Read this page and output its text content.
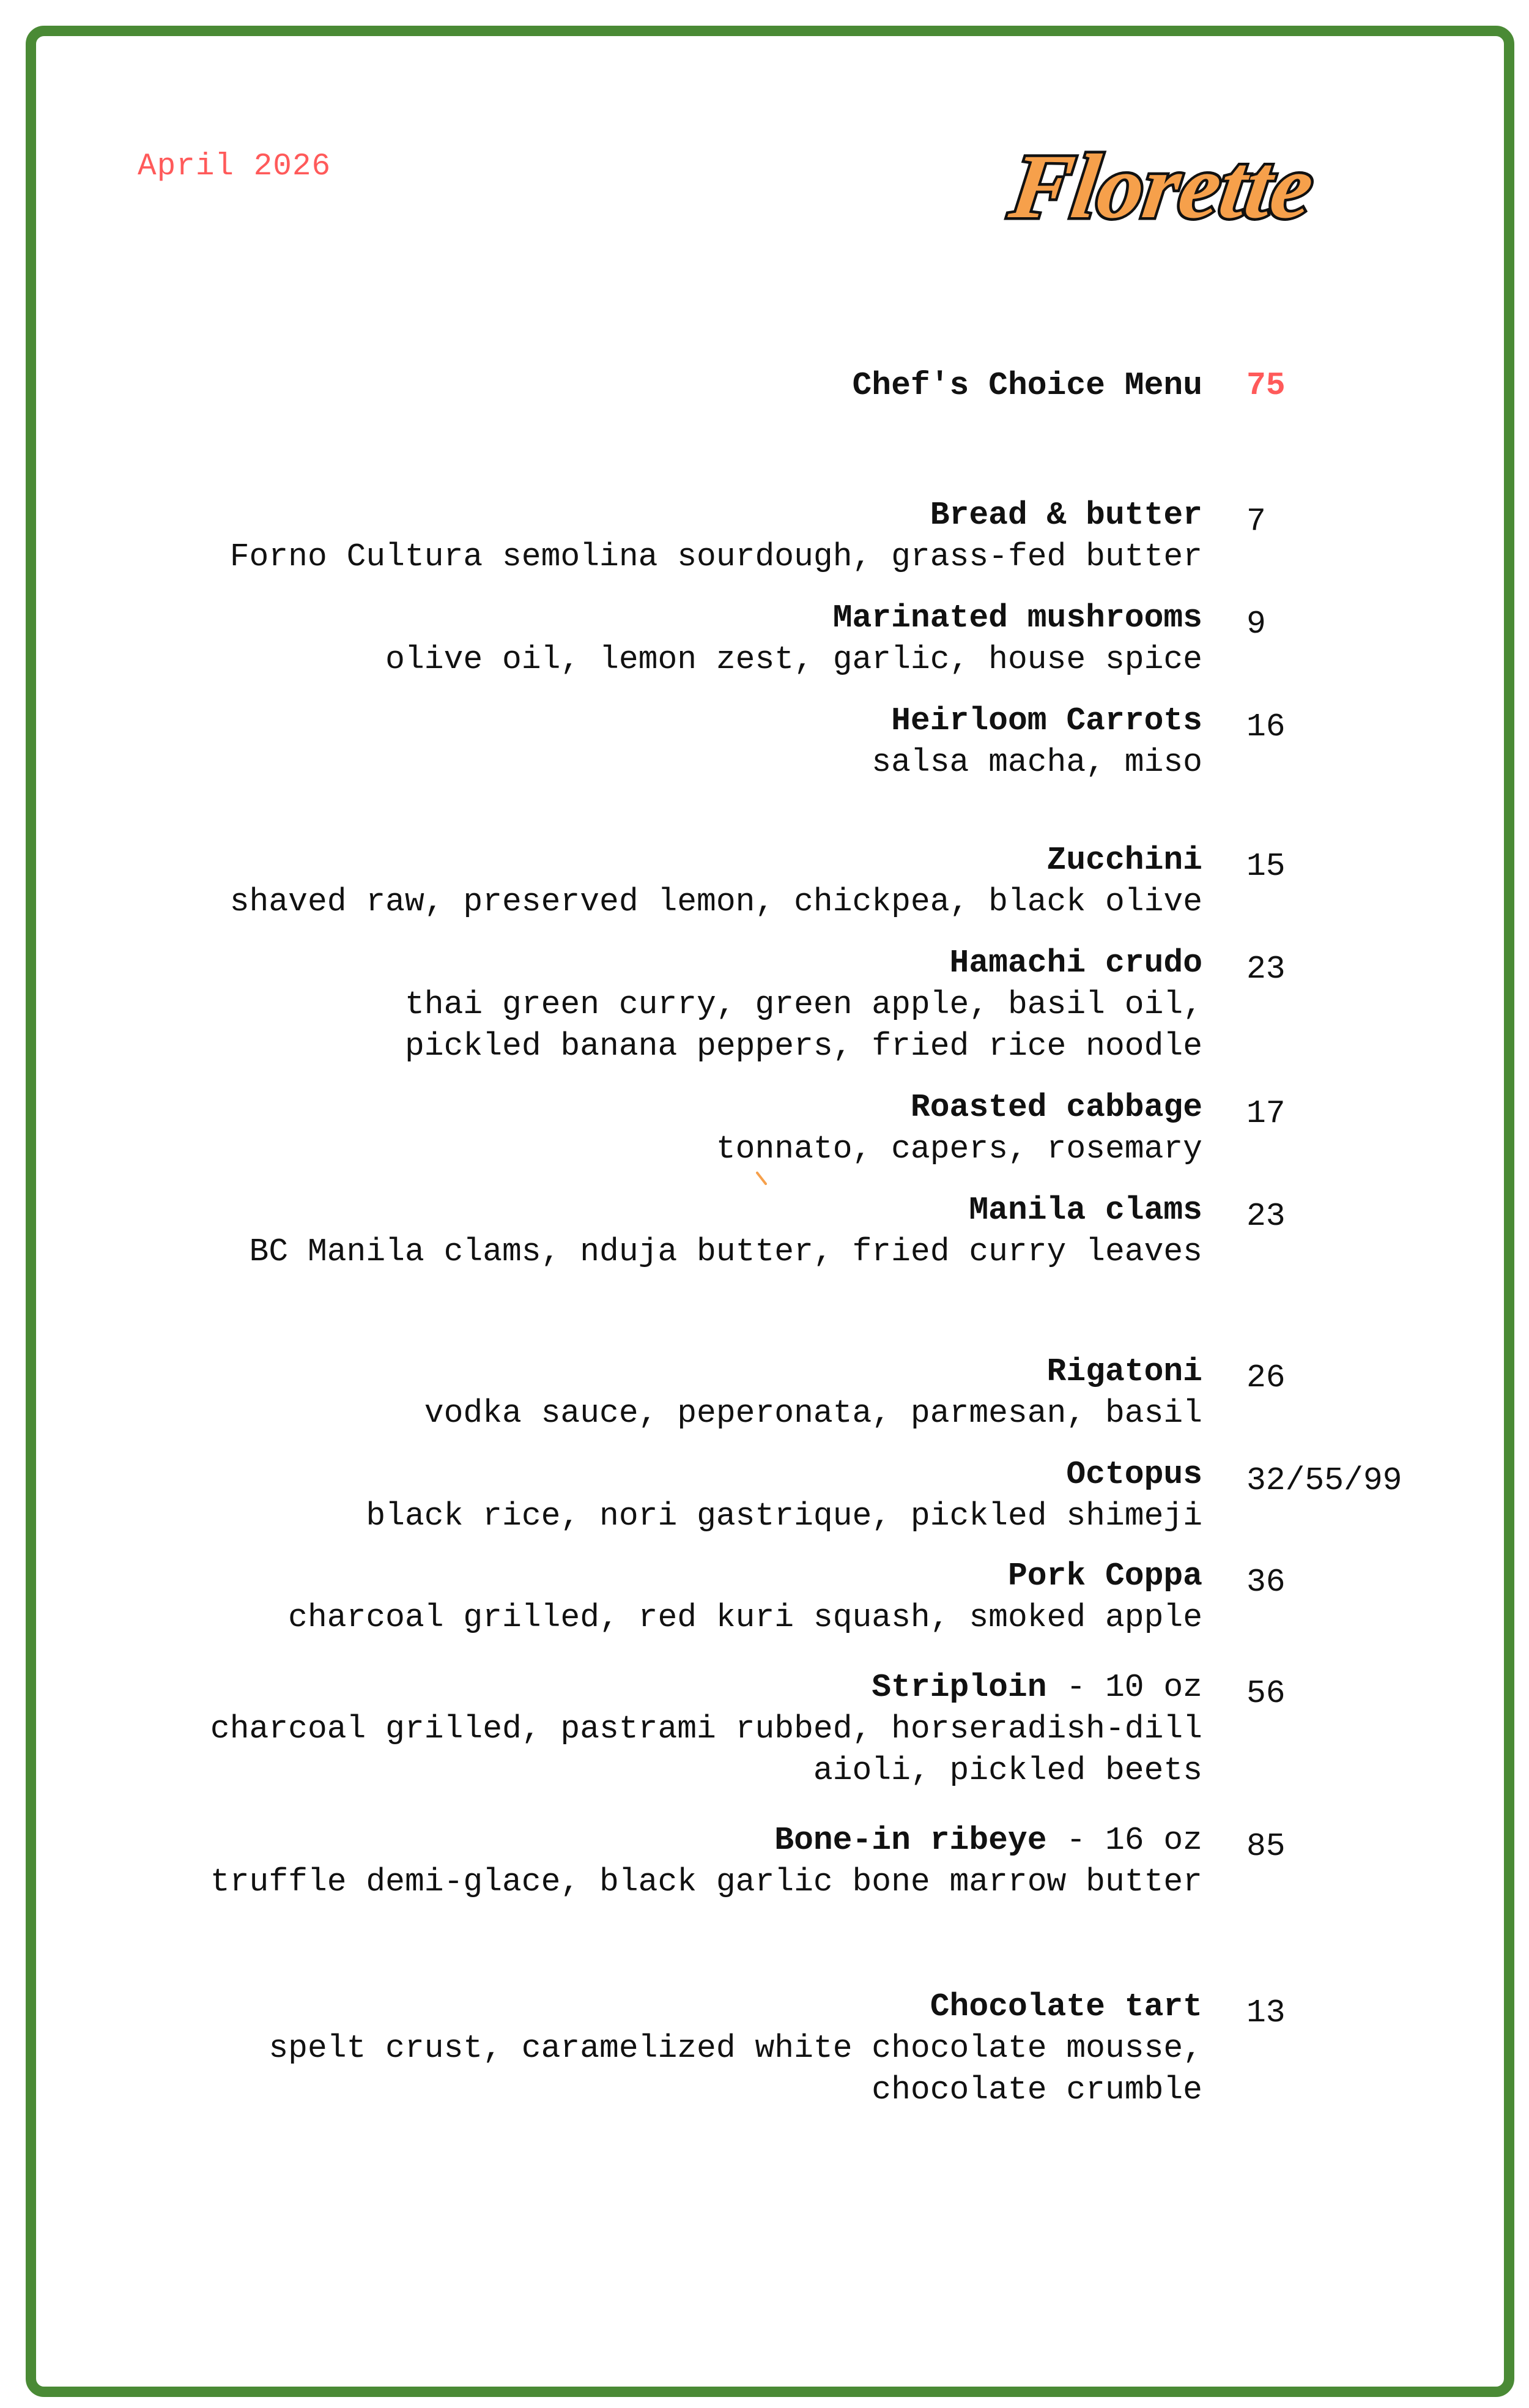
April 2026	Florette
Chef's Choice Menu 75
Bread & butter
Forno Cultura semolina sourdough, grass-fed butter
7
Marinated mushrooms
olive oil, lemon zest, garlic, house spice
9
Heirloom Carrots
salsa macha, miso
16
Zucchini
shaved raw, preserved lemon, chickpea, black olive
15
Hamachi crudo
thai green curry, green apple, basil oil,
pickled banana peppers, fried rice noodle
23
Roasted cabbage
tonnato, capers, rosemary
17
Manila clams
BC Manila clams, nduja butter, fried curry leaves
23
Rigatoni
vodka sauce, peperonata, parmesan, basil
26
Octopus
black rice, nori gastrique, pickled shimeji
32/55/99
Pork Coppa
charcoal grilled, red kuri squash, smoked apple
36
Striploin - 10 oz
charcoal grilled, pastrami rubbed, horseradish-dill
aioli, pickled beets
56
Bone-in ribeye - 16 oz
truffle demi-glace, black garlic bone marrow butter
85
Chocolate tart
spelt crust, caramelized white chocolate mousse,
chocolate crumble
13
